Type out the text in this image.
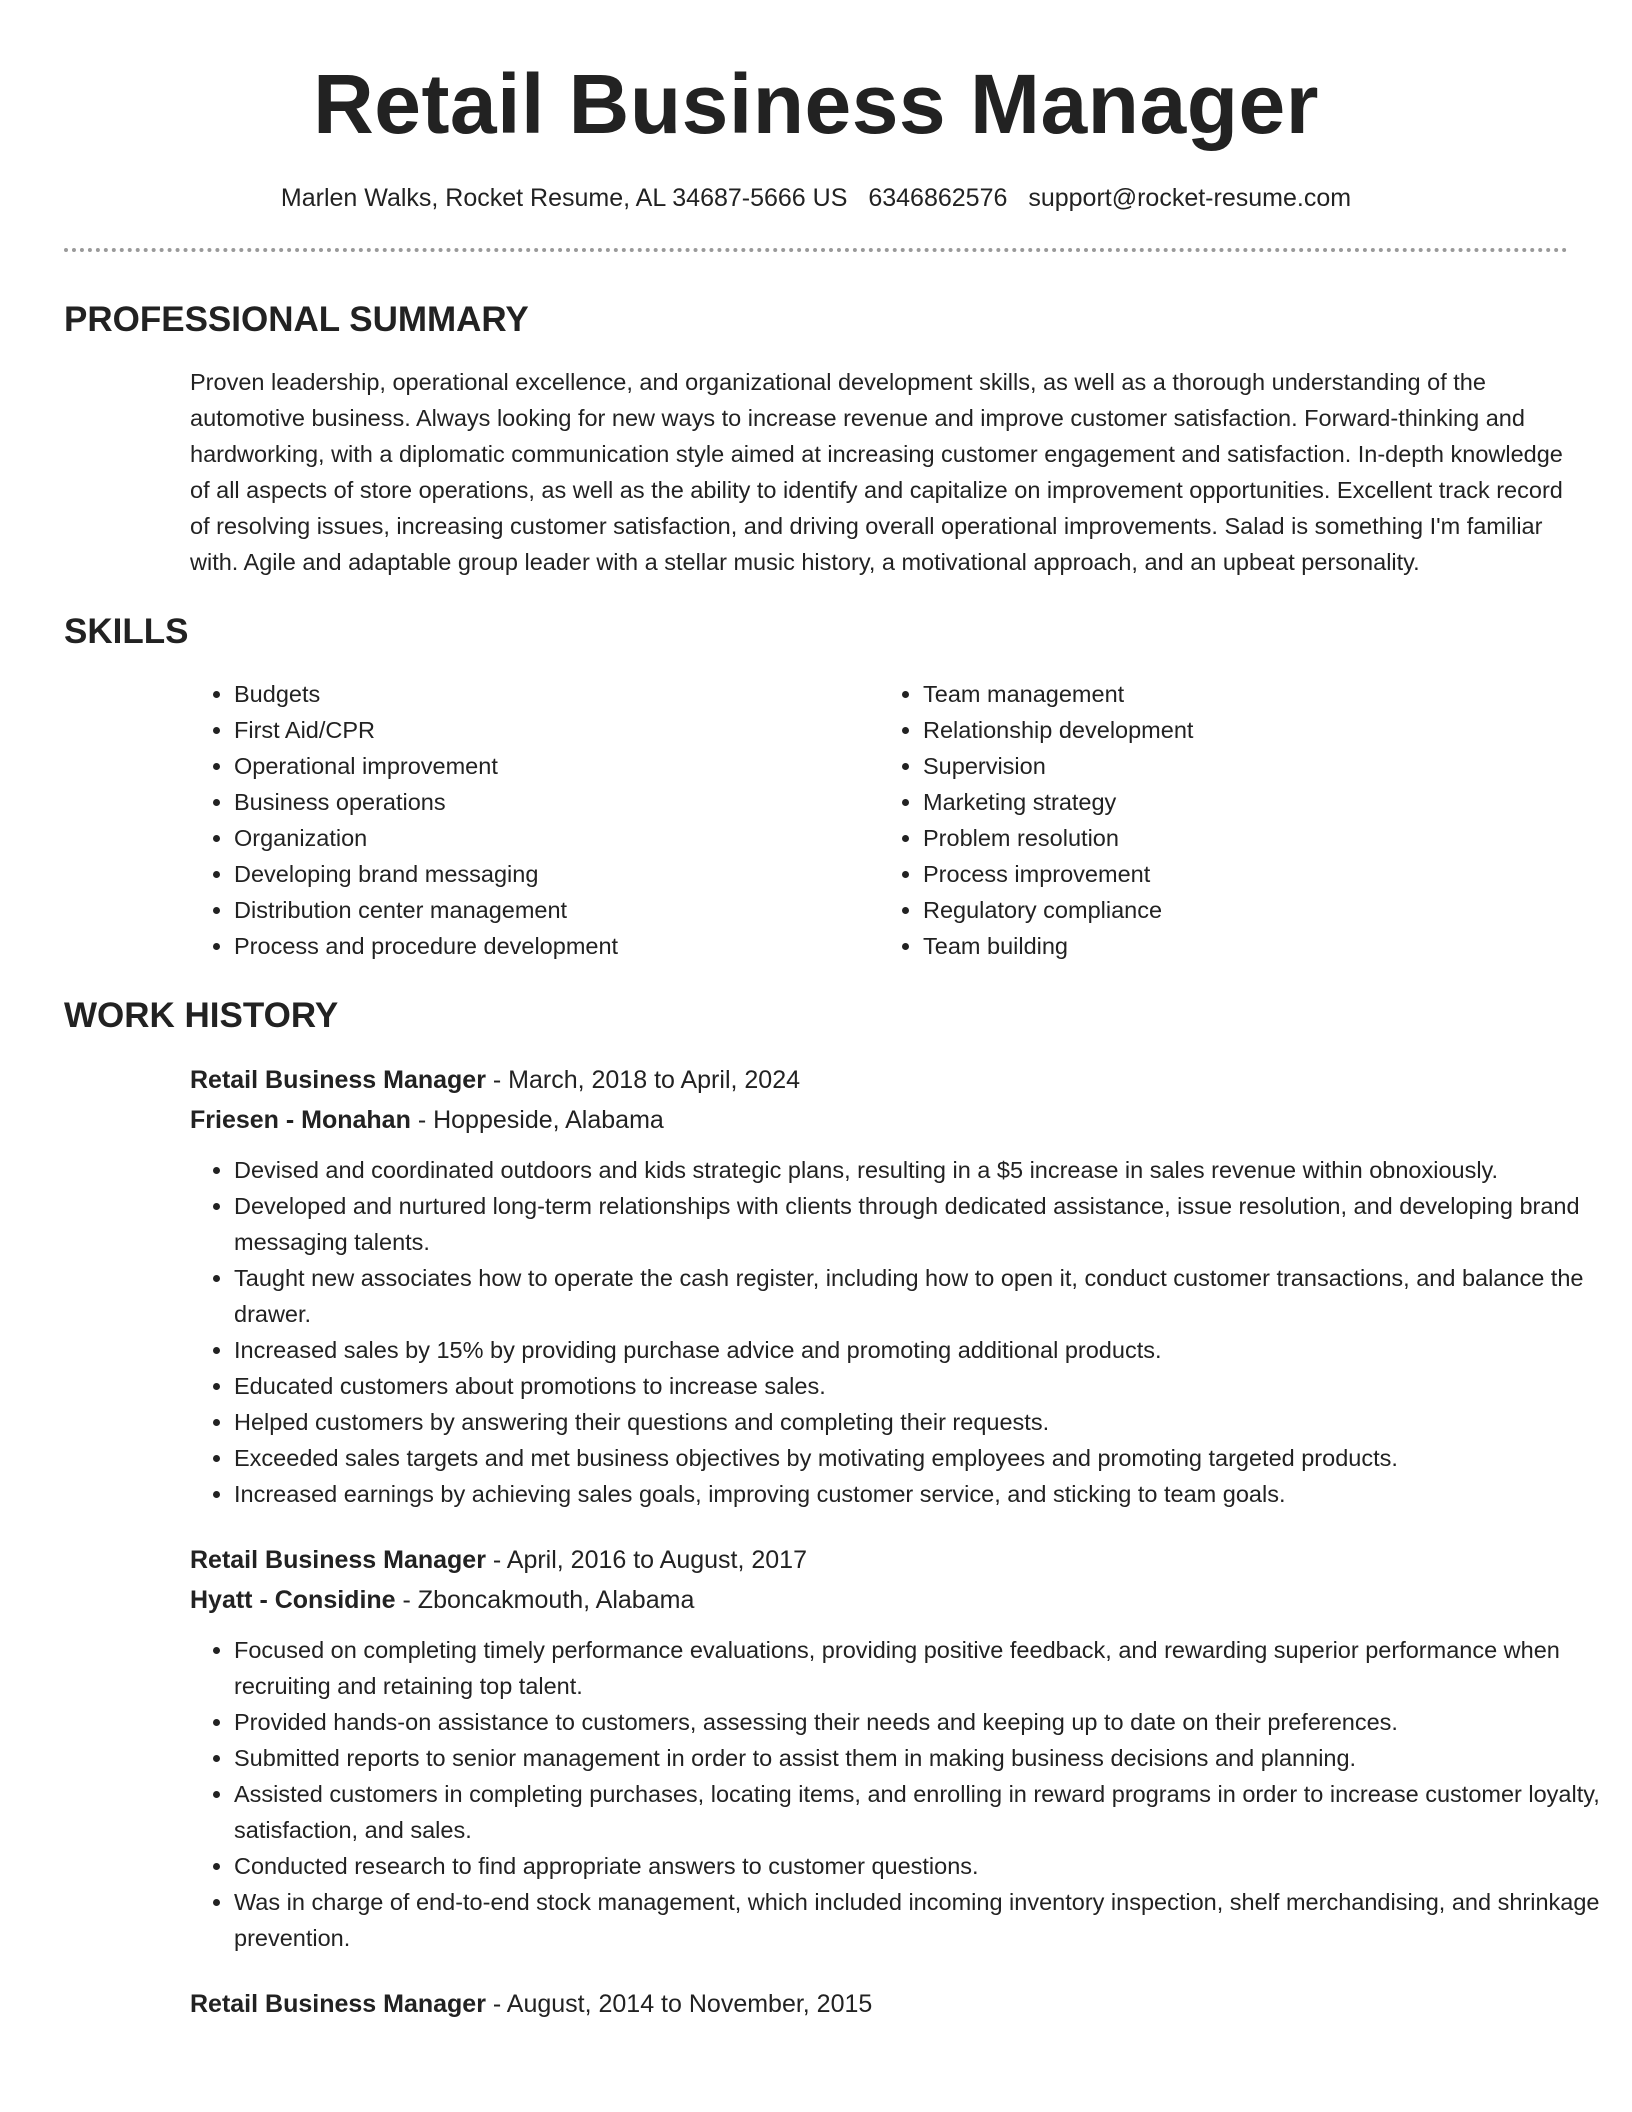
Retail Business Manager
Marlen Walks, Rocket Resume, AL 34687-5666 US 6346862576 support@rocket-resume.com
PROFESSIONAL SUMMARY

Proven leadership, operational excellence, and organizational development skills, as well as a thorough understanding of the automotive business. Always looking for new ways to increase revenue and improve customer satisfaction. Forward-thinking and hardworking, with a diplomatic communication style aimed at increasing customer engagement and satisfaction. In-depth knowledge of all aspects of store operations, as well as the ability to identify and capitalize on improvement opportunities. Excellent track record of resolving issues, increasing customer satisfaction, and driving overall operational improvements. Salad is something I'm familiar with. Agile and adaptable group leader with a stellar music history, a motivational approach, and an upbeat personality.

SKILLS
• Budgets
• First Aid/CPR
• Operational improvement
• Business operations
• Organization
• Developing brand messaging
• Distribution center management
• Process and procedure development
• Team management
• Relationship development
• Supervision
• Marketing strategy
• Problem resolution
• Process improvement
• Regulatory compliance
• Team building
WORK HISTORY
Retail Business Manager - March, 2018 to April, 2024
Friesen - Monahan - Hoppeside, Alabama
• Devised and coordinated outdoors and kids strategic plans, resulting in a $5 increase in sales revenue within obnoxiously.
• Developed and nurtured long-term relationships with clients through dedicated assistance, issue resolution, and developing brand messaging talents.
• Taught new associates how to operate the cash register, including how to open it, conduct customer transactions, and balance the drawer.
• Increased sales by 15% by providing purchase advice and promoting additional products.
• Educated customers about promotions to increase sales.
• Helped customers by answering their questions and completing their requests.
• Exceeded sales targets and met business objectives by motivating employees and promoting targeted products.
• Increased earnings by achieving sales goals, improving customer service, and sticking to team goals.
Retail Business Manager - April, 2016 to August, 2017
Hyatt - Considine - Zboncakmouth, Alabama
• Focused on completing timely performance evaluations, providing positive feedback, and rewarding superior performance when recruiting and retaining top talent.
• Provided hands-on assistance to customers, assessing their needs and keeping up to date on their preferences.
• Submitted reports to senior management in order to assist them in making business decisions and planning.
• Assisted customers in completing purchases, locating items, and enrolling in reward programs in order to increase customer loyalty, satisfaction, and sales.
• Conducted research to find appropriate answers to customer questions.
• Was in charge of end-to-end stock management, which included incoming inventory inspection, shelf merchandising, and shrinkage prevention.
Retail Business Manager - August, 2014 to November, 2015
